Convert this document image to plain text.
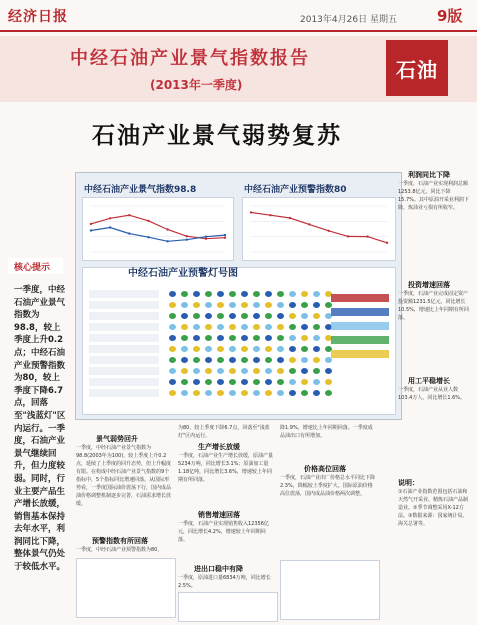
经济日报	2013年4月26日 星期五	9版
中经石油产业景气指数报告
(2013年一季度)
石油
石油产业景气弱势复苏
中经石油产业景气指数98.8	中经石油产业预警指数80
中经石油产业预警灯号图
核心提示
一季度，中经石油产业景气指数为98.8，较上季度上升0.2点；中经石油产业预警指数为80，较上季度下降6.7点，回落至"浅蓝灯"区内运行。一季度，石油产业景气继续回升，但力度较弱。同时，行业主要产品生产增长放缓，销售基本保持去年水平，利润同比下降，整体景气仍处于较低水平。
景气弱势回升
一季度，中经石油产业景气指数为98.8(2003年为100)，较上季度上升0.2点，延续了上季度的回升态势，但上升幅度有限。在构成中经石油产业景气指数的9个指标中，5个指标同比增速回落。从国际形势看，一季度国际油价震荡下行，国内成品油价格调整机制逐步完善，石油需求增长放缓。
预警指数有所回落
一季度，中经石油产业预警指数为80，
为80，较上季度下降6.7点，回落至"浅蓝灯"区内运行。
生产增长放缓
一季度，石油产业生产增长放缓，原油产量5234万吨，同比增长3.1%；原油加工量1.18亿吨，同比增长3.6%，增速较上年同期有所回落。
销售增速回落
一季度，石油产业实现销售收入12356亿元，同比增长4.2%，增速较上年同期回落。
进出口稳中有降
一季度，原油进口量6834万吨，同比增长2.5%。
降1.9%，增速比上年同期回落。一季度成品油出口有所增加。
价格高位回落
一季度，石油产业出厂价格总水平同比下降2.3%，降幅较上季度扩大。国际原油价格高位震荡，国内成品油价格两次调整。
利润同比下降
一季度，石油产业实现利润总额1253.8亿元，同比下降15.7%。其中原油开采业利润下降，炼油业亏损有所收窄。
投资增速回落
一季度，石油产业完成固定资产投资额1231.5亿元，同比增长10.5%，增速比上年同期有所回落。
用工平稳增长
一季度，石油产业从业人数103.4万人，同比增长1.6%。
说明：
①石油产业指数范围包括石油和天然气开采业、精炼石油产品制造业。②季节调整采用X-12方法。③数据来源：国家统计局、海关总署等。
